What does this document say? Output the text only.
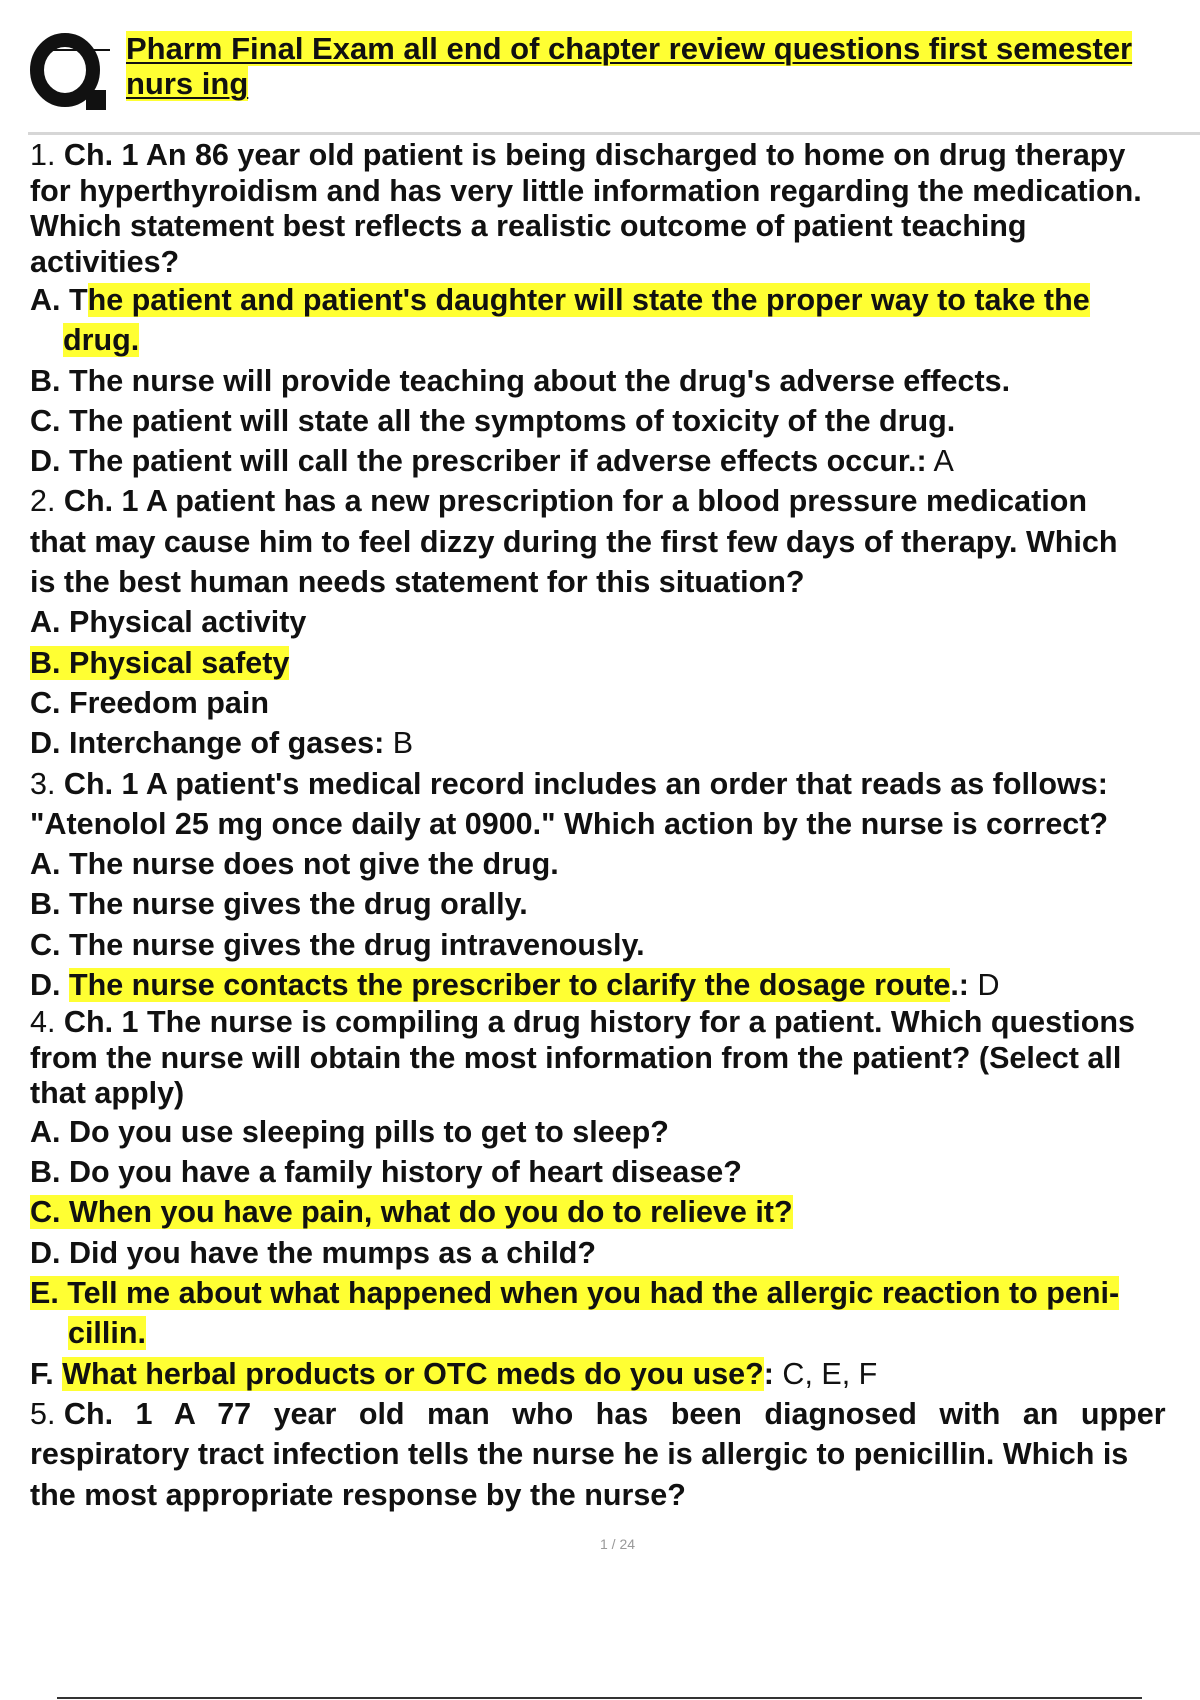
Pharm Final Exam all end of chapter review questions first semester
nurs ing
1. Ch. 1 An 86 year old patient is being discharged to home on drug therapy
for hyperthyroidism and has very little information regarding the medication.
Which statement best reflects a realistic outcome of patient teaching
activities?
A. The patient and patient's daughter will state the proper way to take the
drug.
B. The nurse will provide teaching about the drug's adverse effects.
C. The patient will state all the symptoms of toxicity of the drug.
D. The patient will call the prescriber if adverse effects occur.: A
2. Ch. 1 A patient has a new prescription for a blood pressure medication
that may cause him to feel dizzy during the first few days of therapy. Which
is the best human needs statement for this situation?
A. Physical activity
B. Physical safety
C. Freedom pain
D. Interchange of gases: B
3. Ch. 1 A patient's medical record includes an order that reads as follows:
"Atenolol 25 mg once daily at 0900." Which action by the nurse is correct?
A. The nurse does not give the drug.
B. The nurse gives the drug orally.
C. The nurse gives the drug intravenously.
D. The nurse contacts the prescriber to clarify the dosage route.: D
4. Ch. 1 The nurse is compiling a drug history for a patient. Which questions
from the nurse will obtain the most information from the patient? (Select all
that apply)
A. Do you use sleeping pills to get to sleep?
B. Do you have a family history of heart disease?
C. When you have pain, what do you do to relieve it?
D. Did you have the mumps as a child?
E. Tell me about what happened when you had the allergic reaction to peni-
cillin.
F. What herbal products or OTC meds do you use?: C, E, F
5. Ch. 1 A 77 year old man who has been diagnosed with an upper
respiratory tract infection tells the nurse he is allergic to penicillin. Which is
the most appropriate response by the nurse?
1 / 24
